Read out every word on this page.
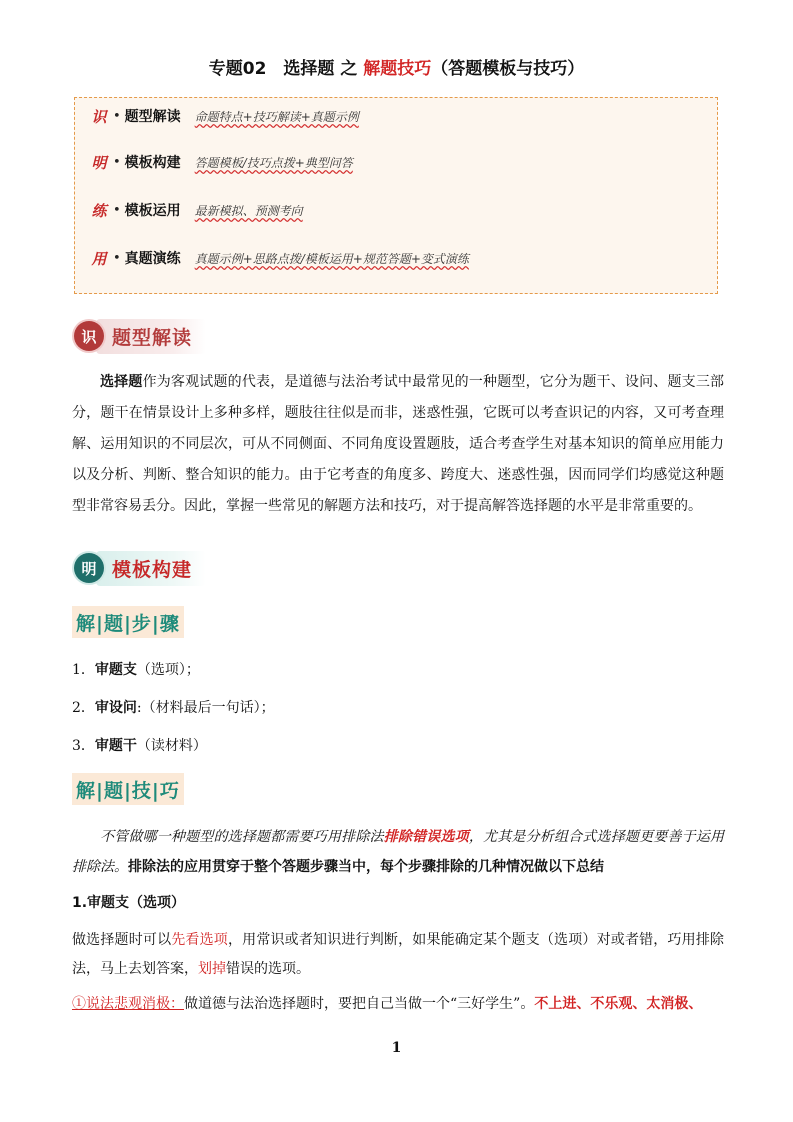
专题02　选择题 之 解题技巧（答题模板与技巧）
识 • 题型解读 命题特点+技巧解读+真题示例
明 • 模板构建 答题模板/技巧点拨+典型问答
练 • 模板运用 最新模拟、预测考向
用 • 真题演练 真题示例+思路点拨/模板运用+规范答题+变式演练
识 题型解读
选择题作为客观试题的代表，是道德与法治考试中最常见的一种题型，它分为题干、设问、题支三部分，题干在情景设计上多种多样，题肢往往似是而非，迷惑性强，它既可以考查识记的内容，又可考查理解、运用知识的不同层次，可从不同侧面、不同角度设置题肢，适合考查学生对基本知识的简单应用能力以及分析、判断、整合知识的能力。由于它考查的角度多、跨度大、迷惑性强，因而同学们均感觉这种题型非常容易丢分。因此，掌握一些常见的解题方法和技巧，对于提高解答选择题的水平是非常重要的。
明 模板构建
解|题|步|骤
1．审题支（选项）；
2．审设问:（材料最后一句话）；
3．审题干（读材料）
解|题|技|巧
不管做哪一种题型的选择题都需要巧用排除法排除错误选项，尤其是分析组合式选择题更要善于运用排除法。排除法的应用贯穿于整个答题步骤当中，每个步骤排除的几种情况做以下总结
1.审题支（选项）
做选择题时可以先看选项，用常识或者知识进行判断，如果能确定某个题支（选项）对或者错，巧用排除法，马上去划答案，划掉错误的选项。
①说法悲观消极：做道德与法治选择题时，要把自己当做一个“三好学生”。不上进、不乐观、太消极、
1
